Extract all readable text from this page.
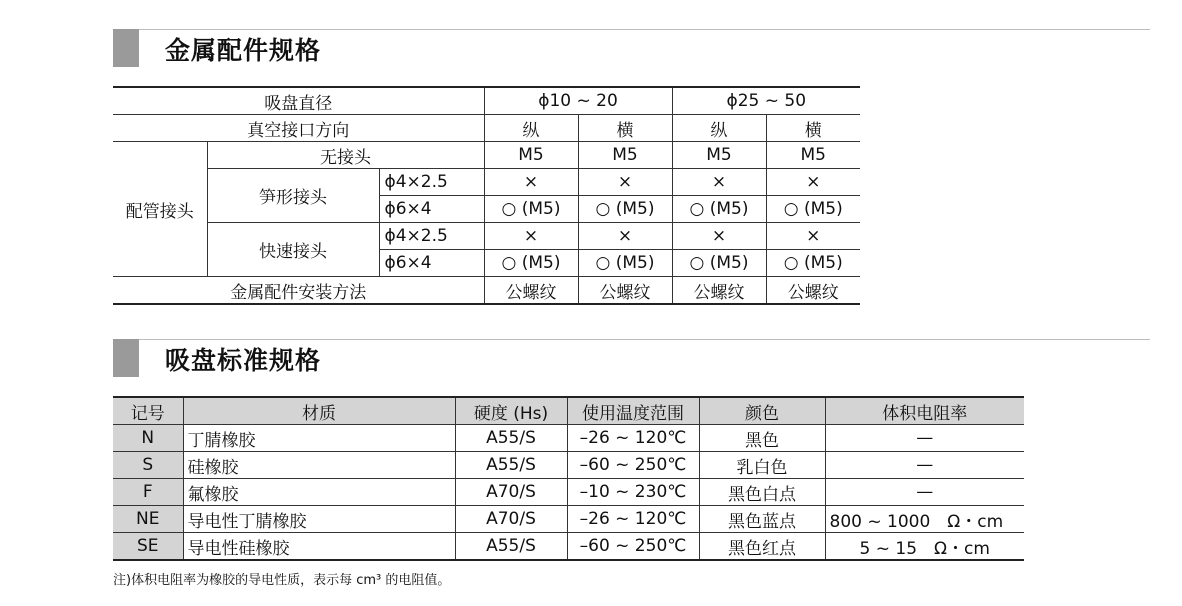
金属配件规格
吸盘直径			ϕ10 ~ 20		ϕ25 ~ 50	
真空接口方向			纵	横	纵	横
配管接头	无接头		M5	M5	M5	M5
	笋形接头	ϕ4×2.5	×	×	×	×
		ϕ6×4	○ (M5)	○ (M5)	○ (M5)	○ (M5)
	快速接头	ϕ4×2.5	×	×	×	×
		ϕ6×4	○ (M5)	○ (M5)	○ (M5)	○ (M5)
金属配件安装方法			公螺纹	公螺纹	公螺纹	公螺纹
吸盘标准规格
记号	材质	硬度 (Hs)	使用温度范围	颜色	体积电阻率
N	丁腈橡胶	A55/S	–26 ~ 120℃	黑色	—
S	硅橡胶	A55/S	–60 ~ 250℃	乳白色	—
F	氟橡胶	A70/S	–10 ~ 230℃	黑色白点	—
NE	导电性丁腈橡胶	A70/S	–26 ~ 120℃	黑色蓝点	800 ~ 1000　Ω・cm
SE	导电性硅橡胶	A55/S	–60 ~ 250℃	黑色红点	5 ~ 15　Ω・cm
注)体积电阻率为橡胶的导电性质，表示每 cm³ 的电阻值。
